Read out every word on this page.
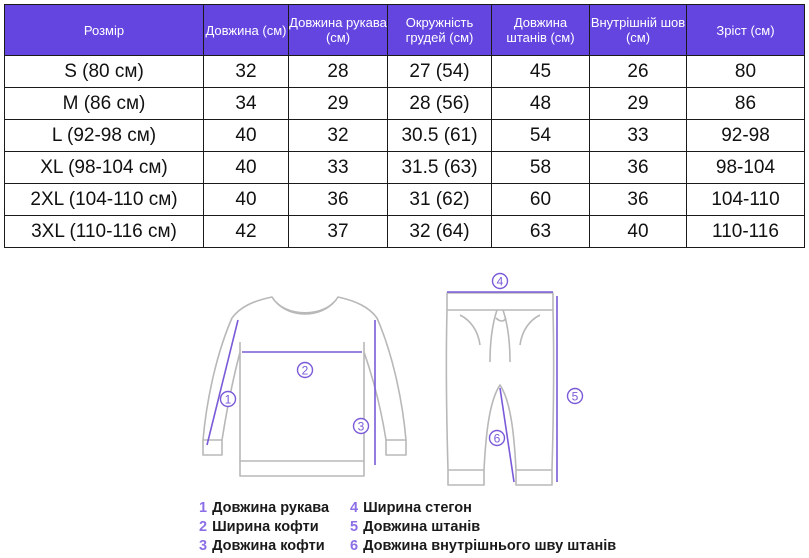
Розмір	Довжина (см)	Довжина рукава (см)	Окружність грудей (см)	Довжина штанів (см)	Внутрішній шов (см)	Зріст (см)
S (80 см)	32	28	27 (54)	45	26	80
M (86 см)	34	29	28 (56)	48	29	86
L (92-98 см)	40	32	30.5 (61)	54	33	92-98
XL (98-104 см)	40	33	31.5 (63)	58	36	98-104
2XL (104-110 см)	40	36	31 (62)	60	36	104-110
3XL (110-116 см)	42	37	32 (64)	63	40	110-116
1
2
3
4
5
6
1 Довжина рукава
2 Ширина кофти
3 Довжина кофти
4 Ширина стегон
5 Довжина штанів
6 Довжина внутрішнього шву штанів
